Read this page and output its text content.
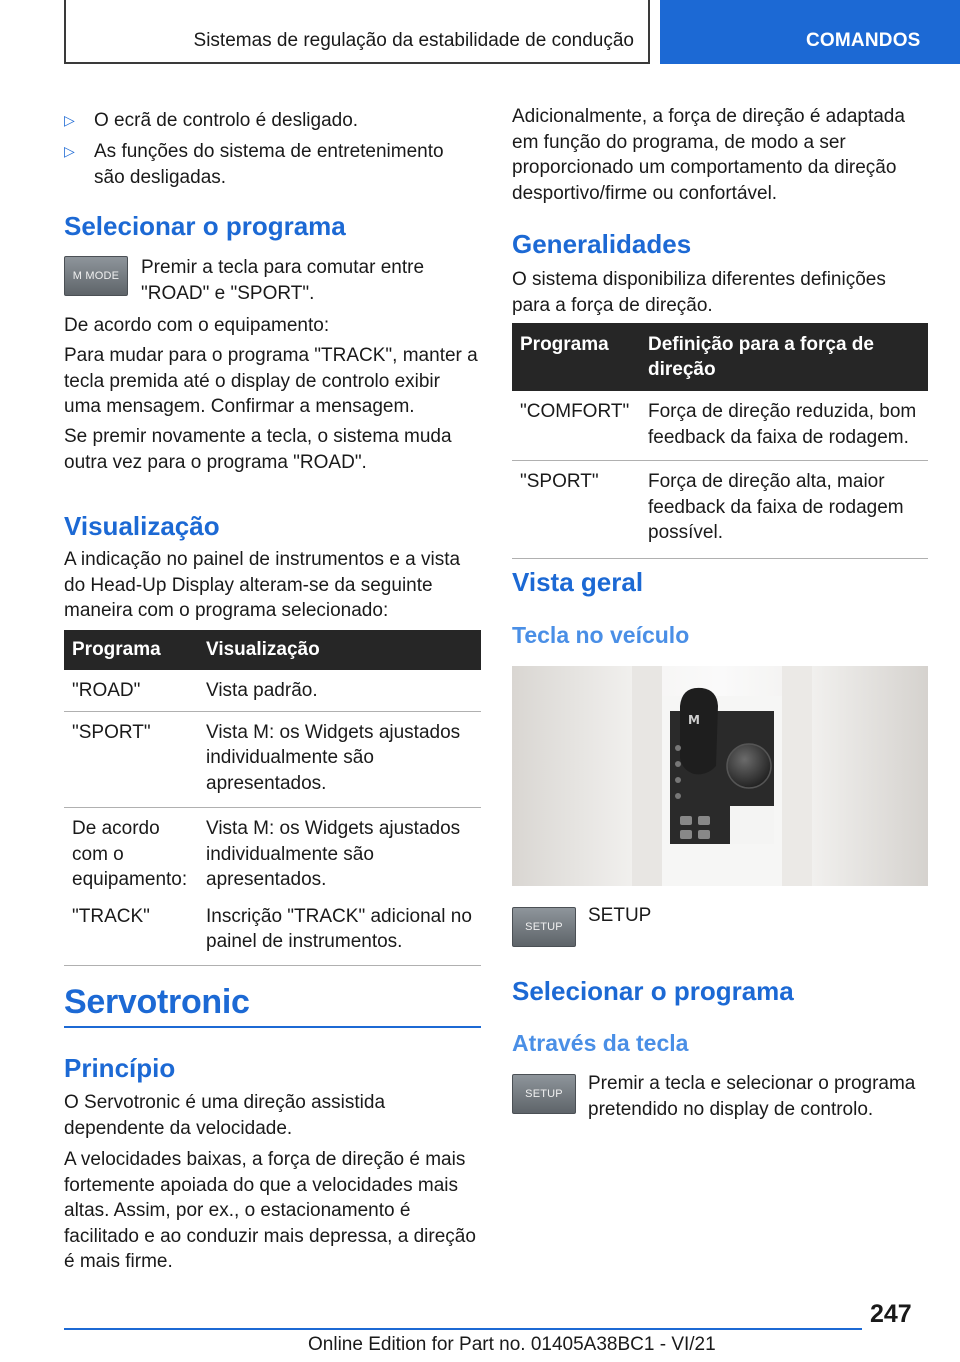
Sistemas de regulação da estabilidade de condução	COMANDOS
▷ O ecrã de controlo é desligado.
▷ As funções do sistema de entretenimento são desligadas.
Selecionar o programa
M MODE Premir a tecla para comutar entre "ROAD" e "SPORT".

De acordo com o equipamento:

Para mudar para o programa "TRACK", manter a tecla premida até o display de controlo exibir uma mensagem. Confirmar a mensagem.

Se premir novamente a tecla, o sistema muda outra vez para o programa "ROAD".

Visualização

A indicação no painel de instrumentos e a vista do Head-Up Display alteram-se da seguinte maneira com o programa selecionado:

Programa	Visualização
"ROAD"	Vista padrão.
"SPORT"	Vista M: os Widgets ajustados individualmente são apresentados.
De acordo com o equipamento:	Vista M: os Widgets ajustados individualmente são apresentados.
"TRACK"	Inscrição "TRACK" adicional no painel de instrumentos.
Servotronic
Princípio

O Servotronic é uma direção assistida dependente da velocidade.

A velocidades baixas, a força de direção é mais fortemente apoiada do que a velocidades mais altas. Assim, por ex., o estacionamento é facilitado e ao conduzir mais depressa, a direção é mais firme.

Adicionalmente, a força de direção é adaptada em função do programa, de modo a ser proporcionado um comportamento da direção desportivo/firme ou confortável.

Generalidades

O sistema disponibiliza diferentes definições para a força de direção.

Programa	Definição para a força de direção
"COMFORT"	Força de direção reduzida, bom feedback da faixa de rodagem.
"SPORT"	Força de direção alta, maior feedback da faixa de rodagem possível.
Vista geral
Tecla no veículo
M
SETUP

SETUP

Selecionar o programa
Através da tecla
SETUP Premir a tecla e selecionar o programa pretendido no display de controlo.

247
Online Edition for Part no. 01405A38BC1 - VI/21
